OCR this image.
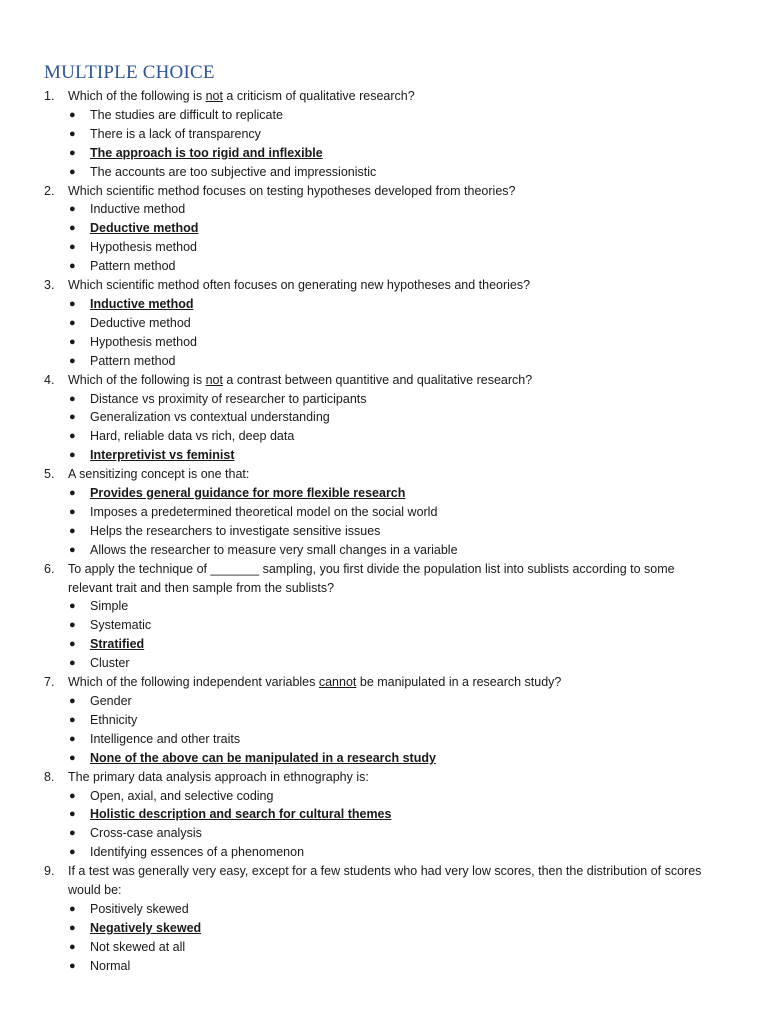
MULTIPLE CHOICE
1. Which of the following is not a criticism of qualitative research?
● The studies are difficult to replicate
● There is a lack of transparency
● The approach is too rigid and inflexible
● The accounts are too subjective and impressionistic
2. Which scientific method focuses on testing hypotheses developed from theories?
● Inductive method
● Deductive method
● Hypothesis method
● Pattern method
3. Which scientific method often focuses on generating new hypotheses and theories?
● Inductive method
● Deductive method
● Hypothesis method
● Pattern method
4. Which of the following is not a contrast between quantitive and qualitative research?
● Distance vs proximity of researcher to participants
● Generalization vs contextual understanding
● Hard, reliable data vs rich, deep data
● Interpretivist vs feminist
5. A sensitizing concept is one that:
● Provides general guidance for more flexible research
● Imposes a predetermined theoretical model on the social world
● Helps the researchers to investigate sensitive issues
● Allows the researcher to measure very small changes in a variable
6. To apply the technique of _______ sampling, you first divide the population list into sublists according to some relevant trait and then sample from the sublists?
● Simple
● Systematic
● Stratified
● Cluster
7. Which of the following independent variables cannot be manipulated in a research study?
● Gender
● Ethnicity
● Intelligence and other traits
● None of the above can be manipulated in a research study
8. The primary data analysis approach in ethnography is:
● Open, axial, and selective coding
● Holistic description and search for cultural themes
● Cross-case analysis
● Identifying essences of a phenomenon
9. If a test was generally very easy, except for a few students who had very low scores, then the distribution of scores would be:
● Positively skewed
● Negatively skewed
● Not skewed at all
● Normal
